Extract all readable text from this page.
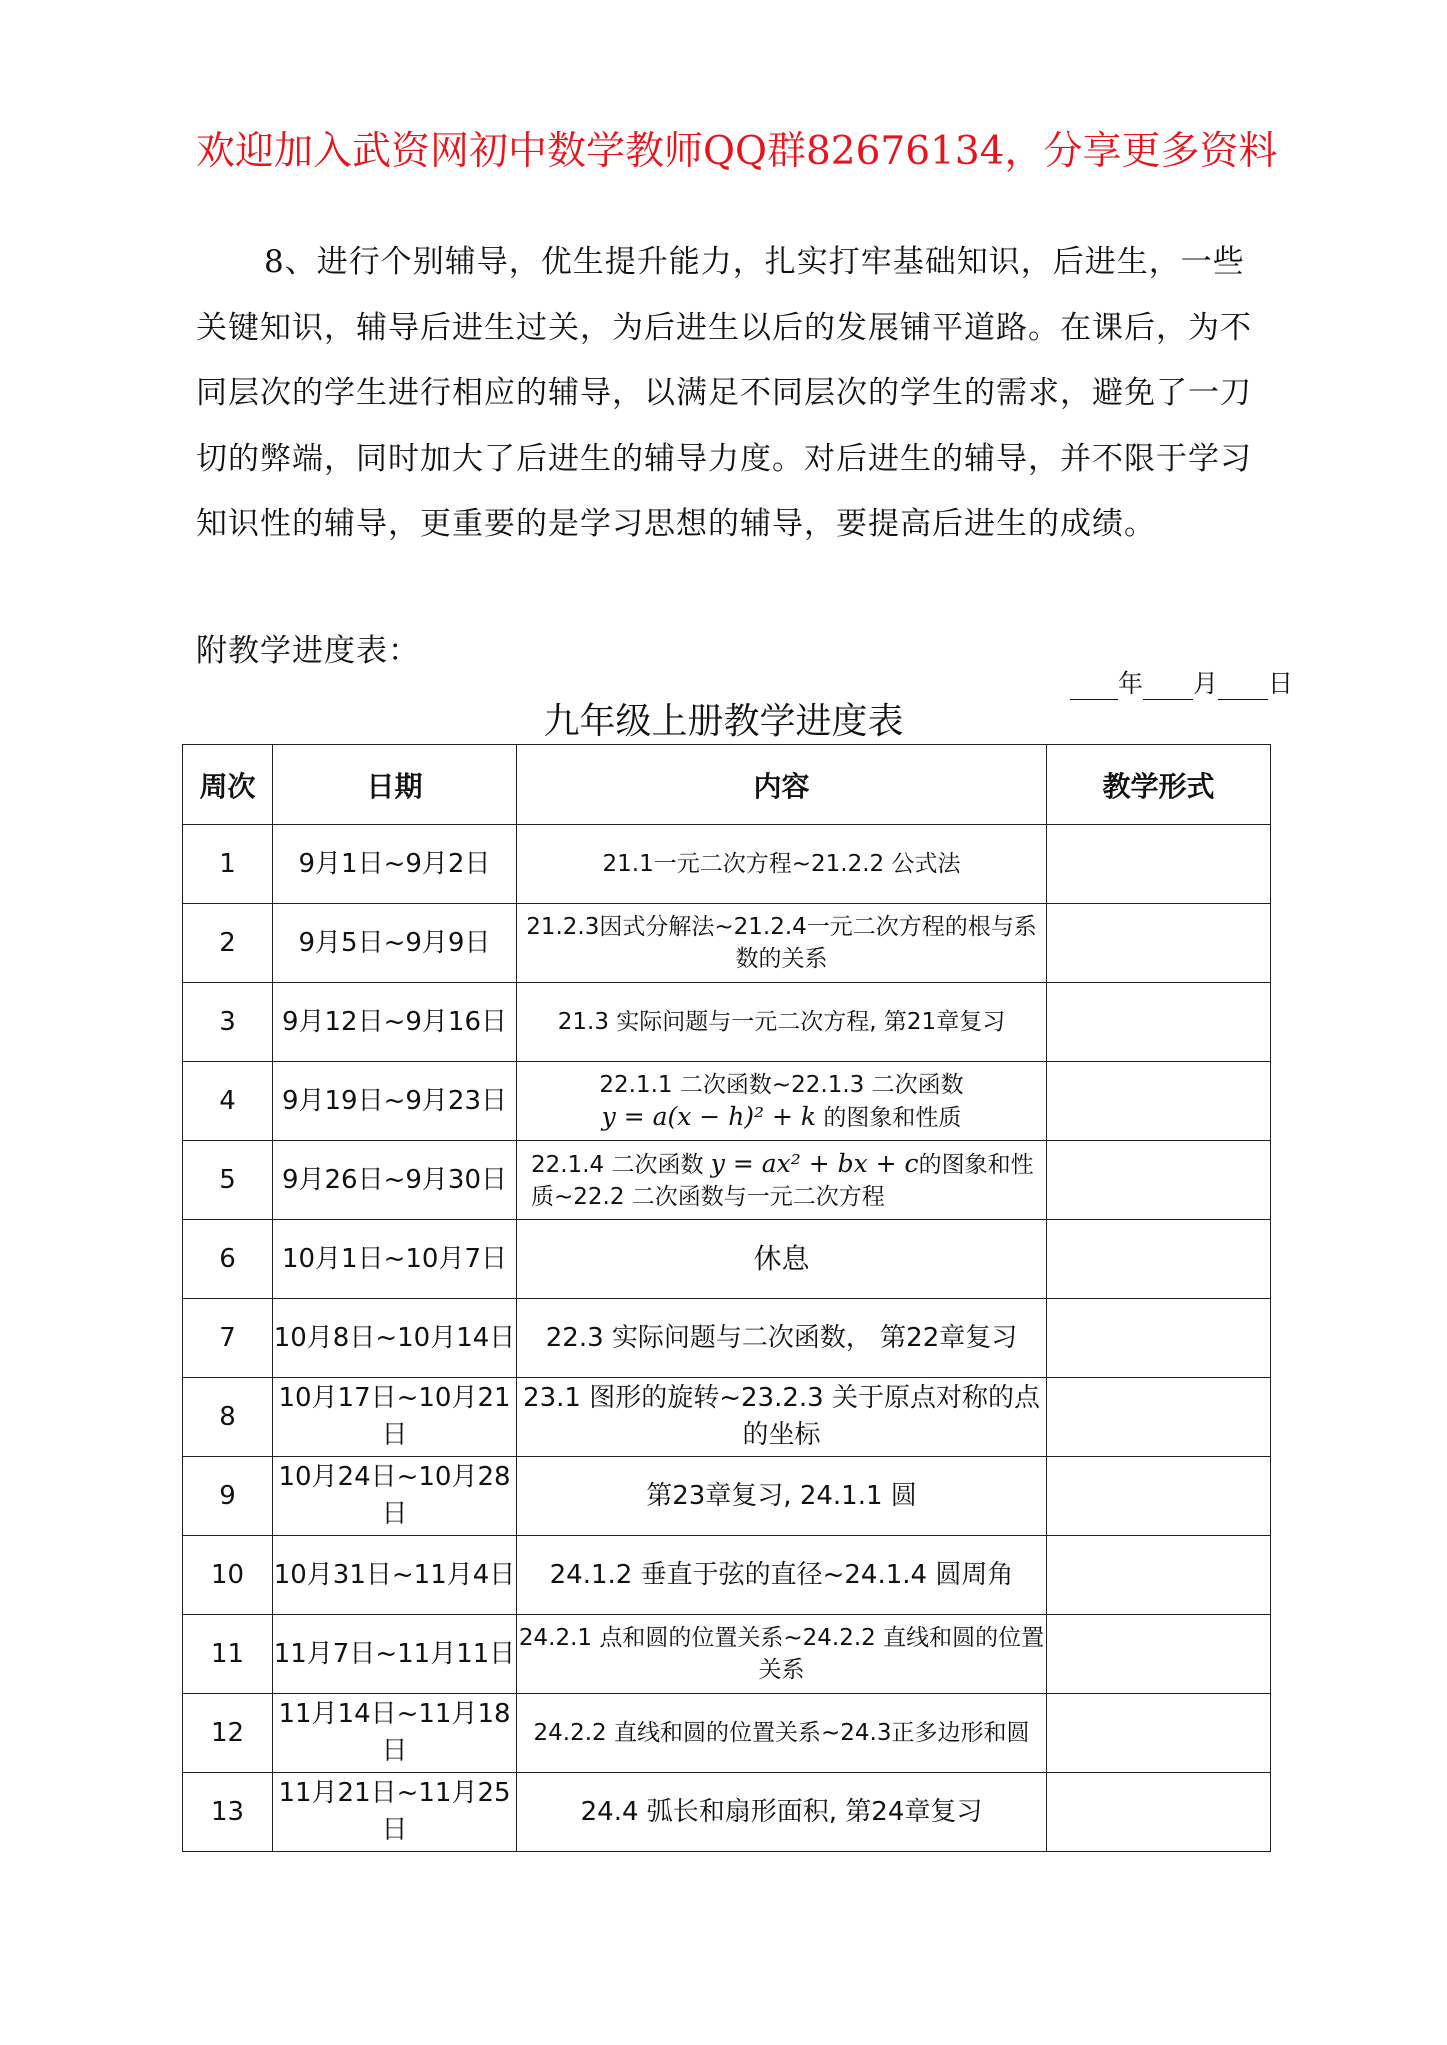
欢迎加入武资网初中数学教师QQ群82676134，分享更多资料

8、进行个别辅导，优生提升能力，扎实打牢基础知识，后进生，一些关键知识，辅导后进生过关，为后进生以后的发展铺平道路。在课后，为不同层次的学生进行相应的辅导，以满足不同层次的学生的需求，避免了一刀切的弊端，同时加大了后进生的辅导力度。对后进生的辅导，并不限于学习知识性的辅导，更重要的是学习思想的辅导，要提高后进生的成绩。

附教学进度表：
年 月 日
九年级上册教学进度表
周次	日期	内容	教学形式
1	9月1日~9月2日	21.1一元二次方程~21.2.2 公式法	
2	9月5日~9月9日	21.2.3因式分解法~21.2.4一元二次方程的根与系数的关系	
3	9月12日~9月16日	21.3 实际问题与一元二次方程, 第21章复习	
4	9月19日~9月23日	22.1.1 二次函数~22.1.3 二次函数
y = a(x − h)² + k 的图象和性质	
5	9月26日~9月30日	22.1.4 二次函数 y = ax² + bx + c的图象和性质~22.2 二次函数与一元二次方程	
6	10月1日~10月7日	休息	
7	10月8日~10月14日	22.3 实际问题与二次函数， 第22章复习	
8	10月17日~10月21日	23.1 图形的旋转~23.2.3 关于原点对称的点的坐标	
9	10月24日~10月28日	第23章复习, 24.1.1 圆	
10	10月31日~11月4日	24.1.2 垂直于弦的直径~24.1.4 圆周角	
11	11月7日~11月11日	24.2.1 点和圆的位置关系~24.2.2 直线和圆的位置关系	
12	11月14日~11月18日	24.2.2 直线和圆的位置关系~24.3正多边形和圆	
13	11月21日~11月25日	24.4 弧长和扇形面积, 第24章复习	
